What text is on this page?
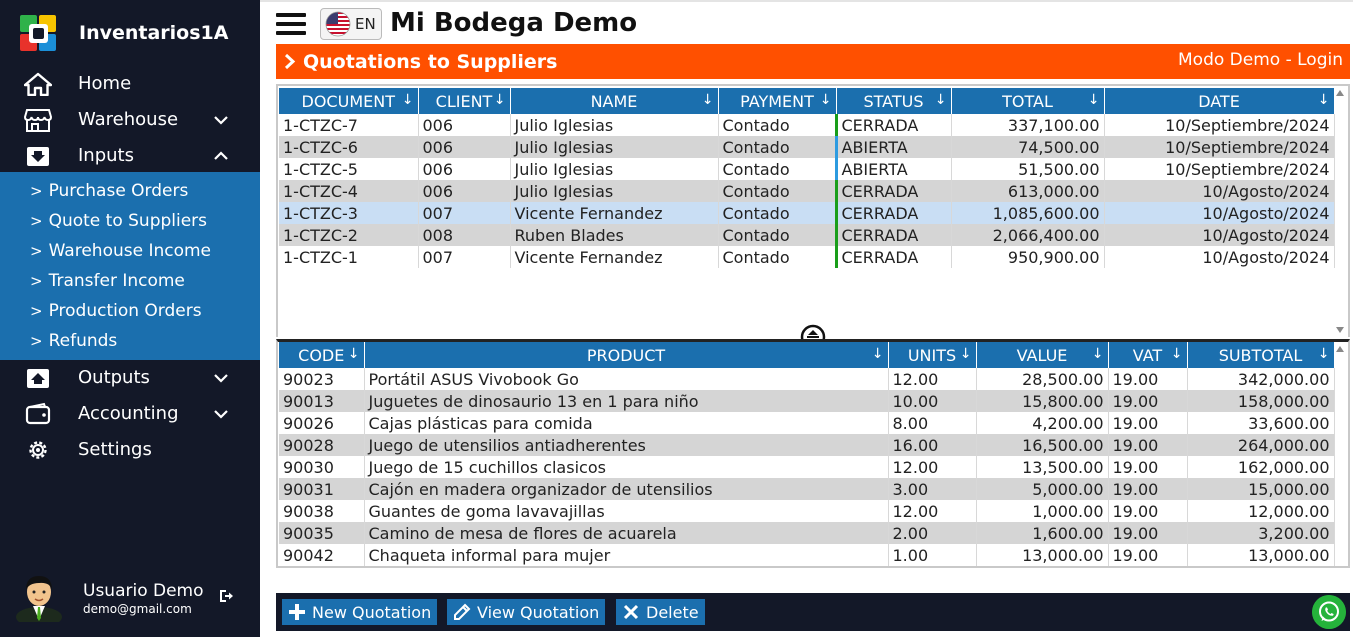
Inventarios1A
Home
Warehouse
Inputs
> Purchase Orders
> Quote to Suppliers
> Warehouse Income
> Transfer Income
> Production Orders
> Refunds
Outputs
Accounting
Settings
Usuario Demo
demo@gmail.com
EN Mi Bodega Demo
Quotations to Suppliers	Modo Demo - Login
DOCUMENT ↓	CLIENT ↓	NAME ↓	PAYMENT ↓	STATUS ↓	TOTAL ↓	DATE ↓

1-CTZC-7	006	Julio Iglesias	Contado	CERRADA	337,100.00	10/Septiembre/2024
1-CTZC-6	006	Julio Iglesias	Contado	ABIERTA	74,500.00	10/Septiembre/2024
1-CTZC-5	006	Julio Iglesias	Contado	ABIERTA	51,500.00	10/Septiembre/2024
1-CTZC-4	006	Julio Iglesias	Contado	CERRADA	613,000.00	10/Agosto/2024
1-CTZC-3	007	Vicente Fernandez	Contado	CERRADA	1,085,600.00	10/Agosto/2024
1-CTZC-2	008	Ruben Blades	Contado	CERRADA	2,066,400.00	10/Agosto/2024
1-CTZC-1	007	Vicente Fernandez	Contado	CERRADA	950,900.00	10/Agosto/2024
CODE ↓	PRODUCT ↓	UNITS ↓	VALUE ↓	VAT ↓	SUBTOTAL ↓

90023	Portátil ASUS Vivobook Go	12.00	28,500.00	19.00	342,000.00
90013	Juguetes de dinosaurio 13 en 1 para niño	10.00	15,800.00	19.00	158,000.00
90026	Cajas plásticas para comida	8.00	4,200.00	19.00	33,600.00
90028	Juego de utensilios antiadherentes	16.00	16,500.00	19.00	264,000.00
90030	Juego de 15 cuchillos clasicos	12.00	13,500.00	19.00	162,000.00
90031	Cajón en madera organizador de utensilios	3.00	5,000.00	19.00	15,000.00
90038	Guantes de goma lavavajillas	12.00	1,000.00	19.00	12,000.00
90035	Camino de mesa de flores de acuarela	2.00	1,600.00	19.00	3,200.00
90042	Chaqueta informal para mujer	1.00	13,000.00	19.00	13,000.00
New Quotation	View Quotation	Delete
